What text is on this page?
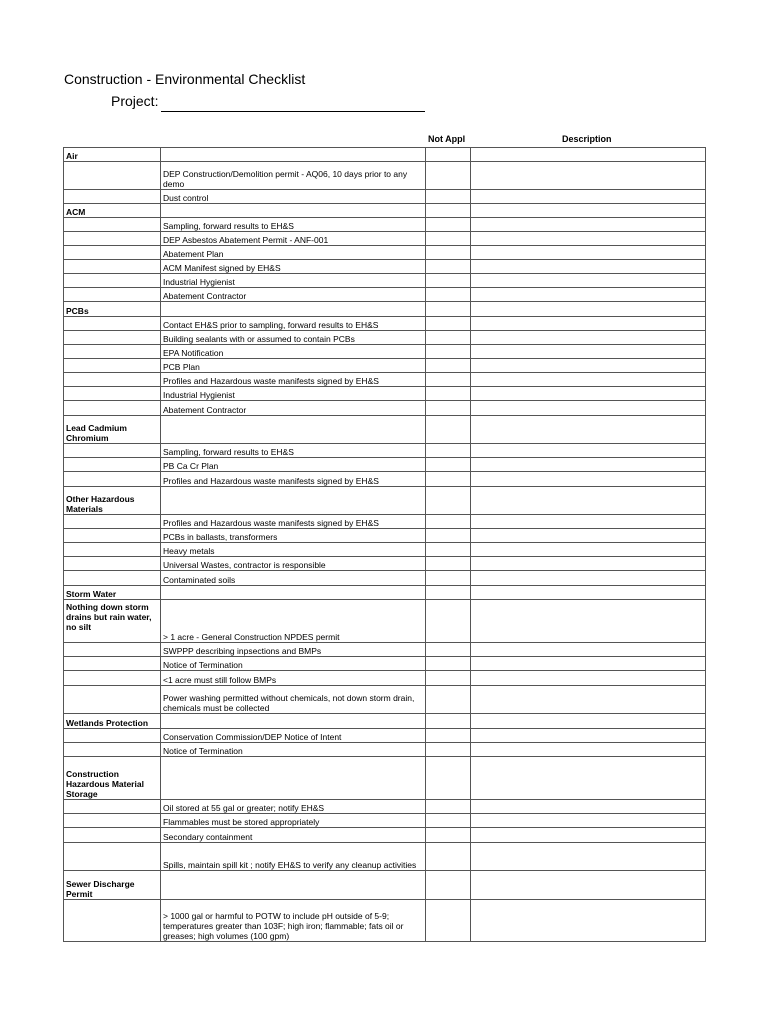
Construction - Environmental Checklist
Project:
Not Appl	Description
Air			
	DEP Construction/Demolition permit - AQ06, 10 days prior to any demo		
	Dust control		
ACM			
	Sampling, forward results to EH&S		
	DEP Asbestos Abatement Permit - ANF-001		
	Abatement Plan		
	ACM Manifest signed by EH&S		
	Industrial Hygienist		
	Abatement Contractor		
PCBs			
	Contact EH&S prior to sampling, forward results to EH&S		
	Building sealants with or assumed to contain PCBs		
	EPA Notification		
	PCB Plan		
	Profiles and Hazardous waste manifests signed by EH&S		
	Industrial Hygienist		
	Abatement Contractor		
Lead Cadmium Chromium			
	Sampling, forward results to EH&S		
	PB Ca Cr Plan		
	Profiles and Hazardous waste manifests signed by EH&S		
Other Hazardous Materials			
	Profiles and Hazardous waste manifests signed by EH&S		
	PCBs in ballasts, transformers		
	Heavy metals		
	Universal Wastes, contractor is responsible		
	Contaminated soils		
Storm Water			
Nothing down storm drains but rain water, no silt	> 1 acre - General Construction NPDES permit		
	SWPPP describing inpsections and BMPs		
	Notice of Termination		
	<1 acre must still follow BMPs		
	Power washing permitted without chemicals, not down storm drain, chemicals must be collected		
Wetlands Protection			
	Conservation Commission/DEP Notice of Intent		
	Notice of Termination		
Construction Hazardous Material Storage			
	Oil stored at 55 gal or greater; notify EH&S		
	Flammables must be stored appropriately		
	Secondary containment		
	Spills, maintain spill kit ; notify EH&S to verify any cleanup activities		
Sewer Discharge Permit			
	> 1000 gal or harmful to POTW to include pH outside of 5-9; temperatures greater than 103F; high iron; flammable; fats oil or greases; high volumes (100 gpm)		
